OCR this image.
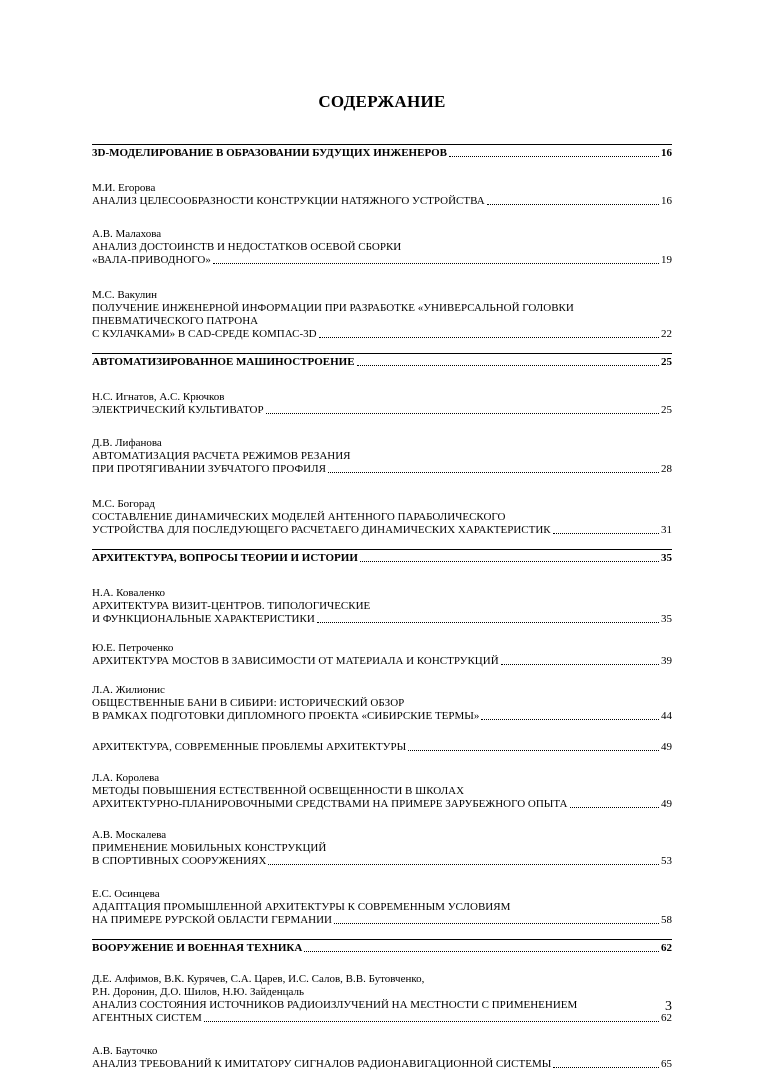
СОДЕРЖАНИЕ
3D-МОДЕЛИРОВАНИЕ В ОБРАЗОВАНИИ БУДУЩИХ ИНЖЕНЕРОВ	16
М.И. Егорова
АНАЛИЗ ЦЕЛЕСООБРАЗНОСТИ КОНСТРУКЦИИ НАТЯЖНОГО УСТРОЙСТВА	16
А.В. Малахова
АНАЛИЗ ДОСТОИНСТВ И НЕДОСТАТКОВ ОСЕВОЙ СБОРКИ
«ВАЛА-ПРИВОДНОГО»	19
М.С. Вакулин
ПОЛУЧЕНИЕ ИНЖЕНЕРНОЙ ИНФОРМАЦИИ ПРИ РАЗРАБОТКЕ «УНИВЕРСАЛЬНОЙ ГОЛОВКИ
ПНЕВМАТИЧЕСКОГО ПАТРОНА
С КУЛАЧКАМИ» В CAD-СРЕДЕ КОМПАС-3D	22
АВТОМАТИЗИРОВАННОЕ МАШИНОСТРОЕНИЕ	25
Н.С. Игнатов, А.С. Крючков
ЭЛЕКТРИЧЕСКИЙ КУЛЬТИВАТОР	25
Д.В. Лифанова
АВТОМАТИЗАЦИЯ РАСЧЕТА РЕЖИМОВ РЕЗАНИЯ
ПРИ ПРОТЯГИВАНИИ ЗУБЧАТОГО ПРОФИЛЯ	28
М.С. Богорад
СОСТАВЛЕНИЕ ДИНАМИЧЕСКИХ МОДЕЛЕЙ АНТЕННОГО ПАРАБОЛИЧЕСКОГО
УСТРОЙСТВА ДЛЯ ПОСЛЕДУЮЩЕГО РАСЧЕТАЕГО ДИНАМИЧЕСКИХ ХАРАКТЕРИСТИК	31
АРХИТЕКТУРА, ВОПРОСЫ ТЕОРИИ И ИСТОРИИ	35
Н.А. Коваленко
АРХИТЕКТУРА ВИЗИТ-ЦЕНТРОВ. ТИПОЛОГИЧЕСКИЕ
И ФУНКЦИОНАЛЬНЫЕ ХАРАКТЕРИСТИКИ	35
Ю.Е. Петроченко
АРХИТЕКТУРА МОСТОВ В ЗАВИСИМОСТИ ОТ МАТЕРИАЛА И КОНСТРУКЦИЙ	39
Л.А. Жилионис
ОБЩЕСТВЕННЫЕ БАНИ В СИБИРИ: ИСТОРИЧЕСКИЙ ОБЗОР
В РАМКАХ ПОДГОТОВКИ ДИПЛОМНОГО ПРОЕКТА «СИБИРСКИЕ ТЕРМЫ»	44
АРХИТЕКТУРА, СОВРЕМЕННЫЕ ПРОБЛЕМЫ АРХИТЕКТУРЫ	49
Л.А. Королева
МЕТОДЫ ПОВЫШЕНИЯ ЕСТЕСТВЕННОЙ ОСВЕЩЕННОСТИ В ШКОЛАХ
АРХИТЕКТУРНО-ПЛАНИРОВОЧНЫМИ СРЕДСТВАМИ НА ПРИМЕРЕ ЗАРУБЕЖНОГО ОПЫТА	49
А.В. Москалева
ПРИМЕНЕНИЕ МОБИЛЬНЫХ КОНСТРУКЦИЙ
В СПОРТИВНЫХ СООРУЖЕНИЯХ	53
Е.С. Осинцева
АДАПТАЦИЯ ПРОМЫШЛЕННОЙ АРХИТЕКТУРЫ К СОВРЕМЕННЫМ УСЛОВИЯМ
НА ПРИМЕРЕ РУРСКОЙ ОБЛАСТИ ГЕРМАНИИ	58
ВООРУЖЕНИЕ И ВОЕННАЯ ТЕХНИКА	62
Д.Е. Алфимов, В.К. Курячев, С.А. Царев, И.С. Салов, В.В. Бутовченко,
Р.Н. Доронин, Д.О. Шилов, Н.Ю. Зайденцаль
АНАЛИЗ СОСТОЯНИЯ ИСТОЧНИКОВ РАДИОИЗЛУЧЕНИЙ НА МЕСТНОСТИ С ПРИМЕНЕНИЕМ
АГЕНТНЫХ СИСТЕМ	62
А.В. Бауточко
АНАЛИЗ ТРЕБОВАНИЙ К ИМИТАТОРУ СИГНАЛОВ РАДИОНАВИГАЦИОННОЙ СИСТЕМЫ	65
3
